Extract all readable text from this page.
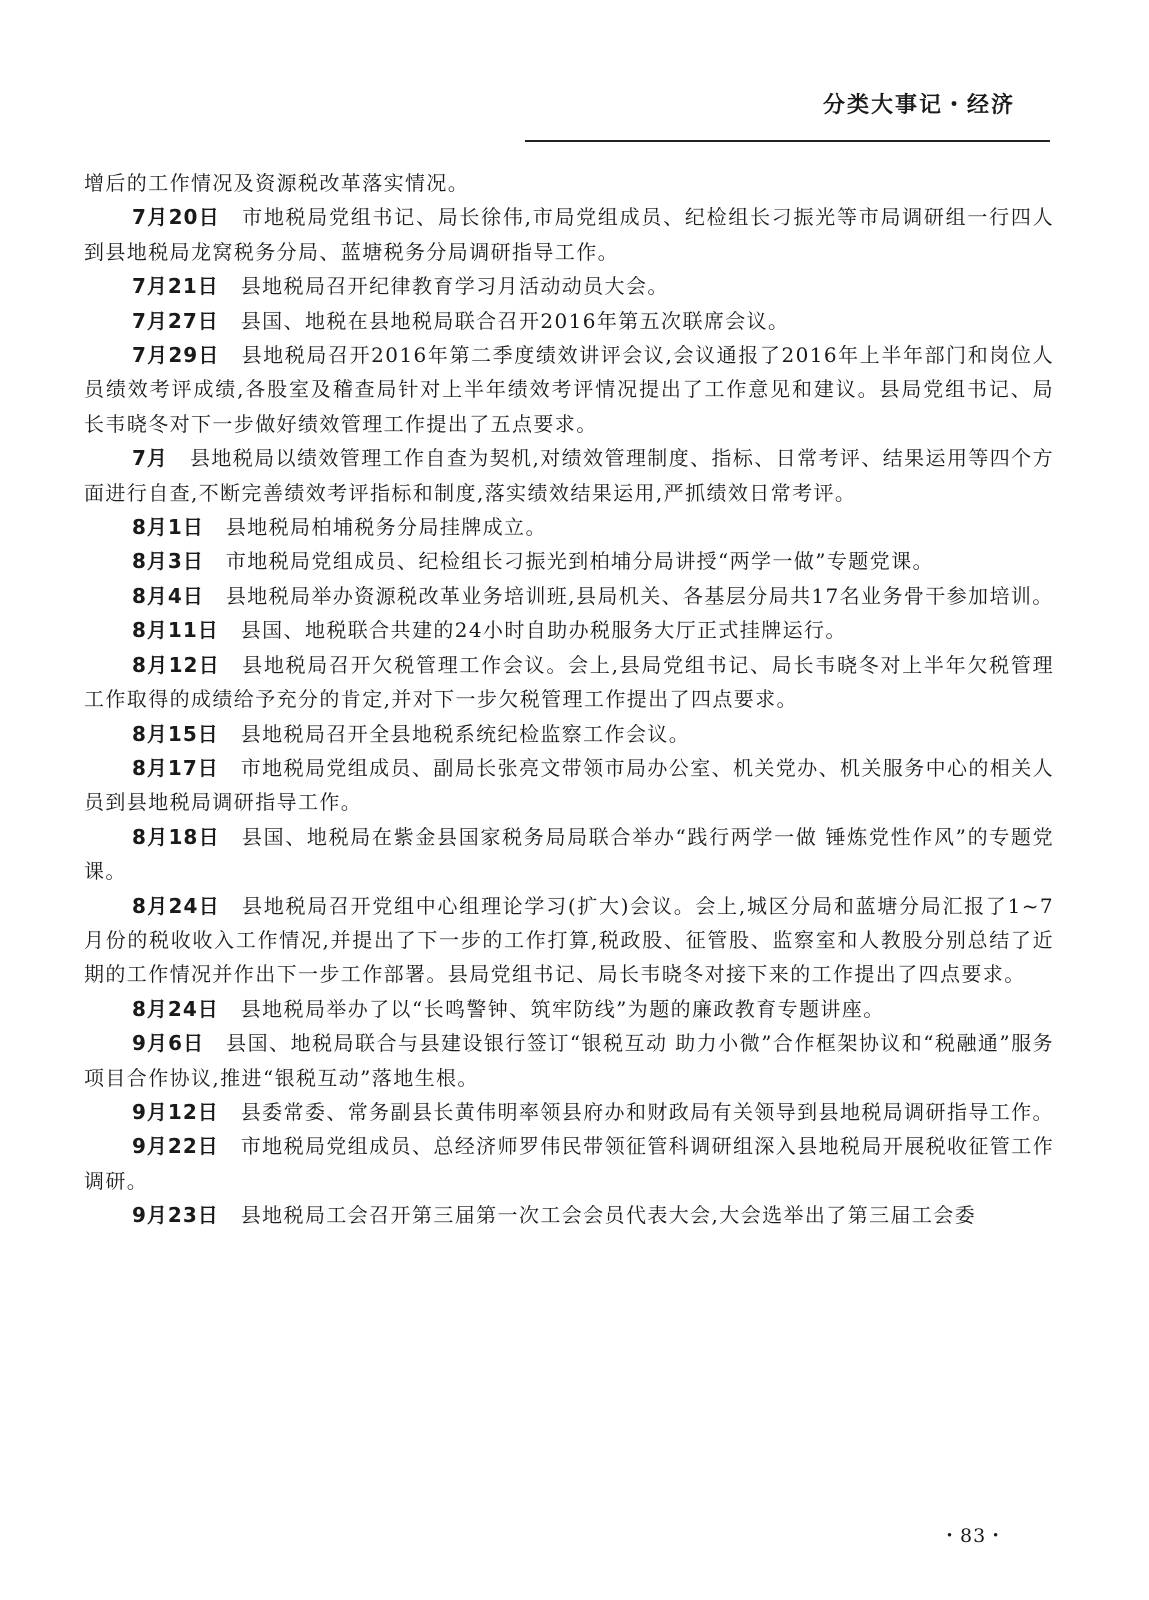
分类大事记・经济

增后的工作情况及资源税改革落实情况。

7月20日 市地税局党组书记、局长徐伟,市局党组成员、纪检组长刁振光等市局调研组一行四人到县地税局龙窝税务分局、蓝塘税务分局调研指导工作。

7月21日 县地税局召开纪律教育学习月活动动员大会。

7月27日 县国、地税在县地税局联合召开2016年第五次联席会议。

7月29日 县地税局召开2016年第二季度绩效讲评会议,会议通报了2016年上半年部门和岗位人员绩效考评成绩,各股室及稽查局针对上半年绩效考评情况提出了工作意见和建议。县局党组书记、局长韦晓冬对下一步做好绩效管理工作提出了五点要求。

7月 县地税局以绩效管理工作自查为契机,对绩效管理制度、指标、日常考评、结果运用等四个方面进行自查,不断完善绩效考评指标和制度,落实绩效结果运用,严抓绩效日常考评。

8月1日 县地税局柏埔税务分局挂牌成立。

8月3日 市地税局党组成员、纪检组长刁振光到柏埔分局讲授“两学一做”专题党课。

8月4日 县地税局举办资源税改革业务培训班,县局机关、各基层分局共17名业务骨干参加培训。

8月11日 县国、地税联合共建的24小时自助办税服务大厅正式挂牌运行。

8月12日 县地税局召开欠税管理工作会议。会上,县局党组书记、局长韦晓冬对上半年欠税管理工作取得的成绩给予充分的肯定,并对下一步欠税管理工作提出了四点要求。

8月15日 县地税局召开全县地税系统纪检监察工作会议。

8月17日 市地税局党组成员、副局长张亮文带领市局办公室、机关党办、机关服务中心的相关人员到县地税局调研指导工作。

8月18日 县国、地税局在紫金县国家税务局局联合举办“践行两学一做 锤炼党性作风”的专题党课。

8月24日 县地税局召开党组中心组理论学习(扩大)会议。会上,城区分局和蓝塘分局汇报了1~7月份的税收收入工作情况,并提出了下一步的工作打算,税政股、征管股、监察室和人教股分别总结了近期的工作情况并作出下一步工作部署。县局党组书记、局长韦晓冬对接下来的工作提出了四点要求。

8月24日 县地税局举办了以“长鸣警钟、筑牢防线”为题的廉政教育专题讲座。

9月6日 县国、地税局联合与县建设银行签订“银税互动 助力小微”合作框架协议和“税融通”服务项目合作协议,推进“银税互动”落地生根。

9月12日 县委常委、常务副县长黄伟明率领县府办和财政局有关领导到县地税局调研指导工作。

9月22日 市地税局党组成员、总经济师罗伟民带领征管科调研组深入县地税局开展税收征管工作调研。

9月23日 县地税局工会召开第三届第一次工会会员代表大会,大会选举出了第三届工会委

・83・
